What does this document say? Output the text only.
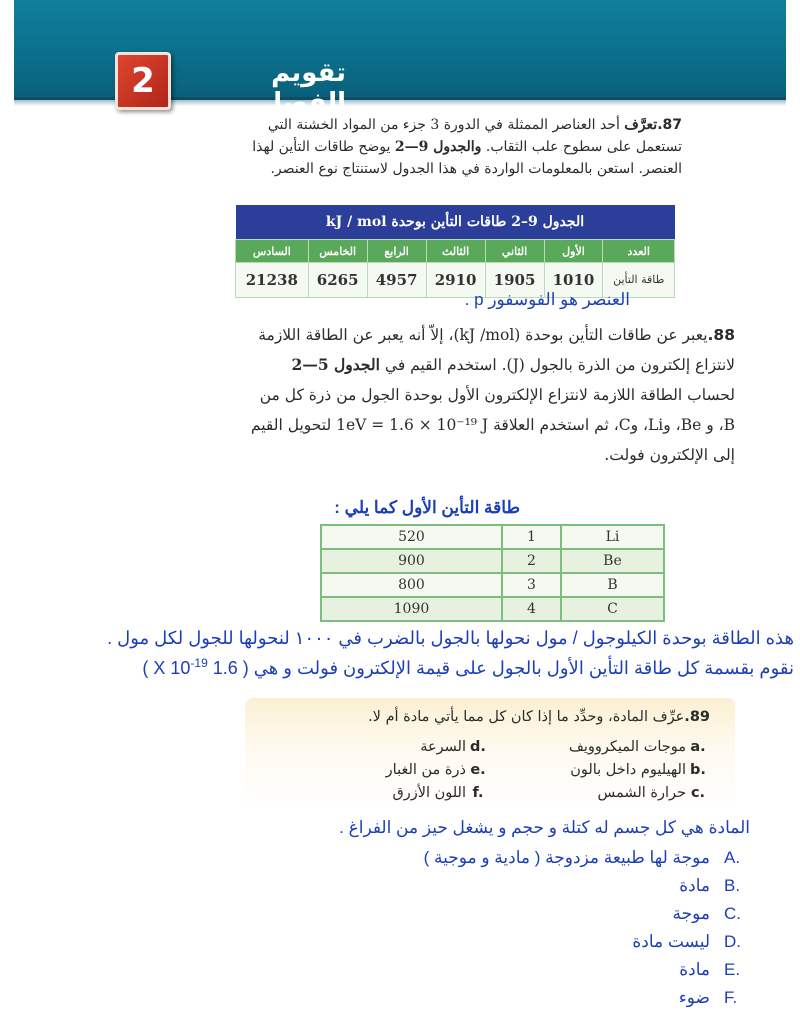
تقويم الفصل
2
87.تعرَّف أحد العناصر الممثلة في الدورة 3 جزء من المواد الخشنة التي تستعمل على سطوح علب الثقاب. والجدول 9—2 يوضح طاقات التأين لهذا العنصر. استعن بالمعلومات الواردة في هذا الجدول لاستنتاج نوع العنصر.
الجدول 9–2 طاقات التأين بوحدة kJ / mol						
السادس	الخامس	الرابع	الثالث	الثاني	الأول	العدد
21238	6265	4957	2910	1905	1010	طاقة التأين
العنصر هو الفوسفور p .
88.يعبر عن طاقات التأين بوحدة (kJ /mol)، إلاّ أنه يعبر عن الطاقة اللازمة لانتزاع إلكترون من الذرة بالجول (J). استخدم القيم في الجدول 5—2 لحساب الطاقة اللازمة لانتزاع الإلكترون الأول بوحدة الجول من ذرة كل من B، و Be، وLi، وC، ثم استخدم العلاقة 1eV = 1.6 × 10⁻¹⁹ J لتحويل القيم إلى الإلكترون فولت.
طاقة التأين الأول كما يلي :
520	1	Li
900	2	Be
800	3	B
1090	4	C
هذه الطاقة بوحدة الكيلوجول / مول نحولها بالجول بالضرب في ١٠٠٠ لنحولها للجول لكل مول .
نقوم بقسمة كل طاقة التأين الأول بالجول على قيمة الإلكترون فولت و هي ( 1.6 X $10^{-19}$ )
89.عرِّف المادة، وحدِّد ما إذا كان كل مما يأتي مادة أم لا.
a.
موجات الميكروويف
d.
السرعة
b.
الهيليوم داخل بالون
e.
ذرة من الغبار
c.
حرارة الشمس
f.
اللون الأزرق
المادة هي كل جسم له كتلة و حجم و يشغل حيز من الفراغ .
موجة لها طبيعة مزدوجة ( مادية و موجية ) A.
مادة B.
موجة C.
ليست مادة D.
مادة E.
ضوء F.
